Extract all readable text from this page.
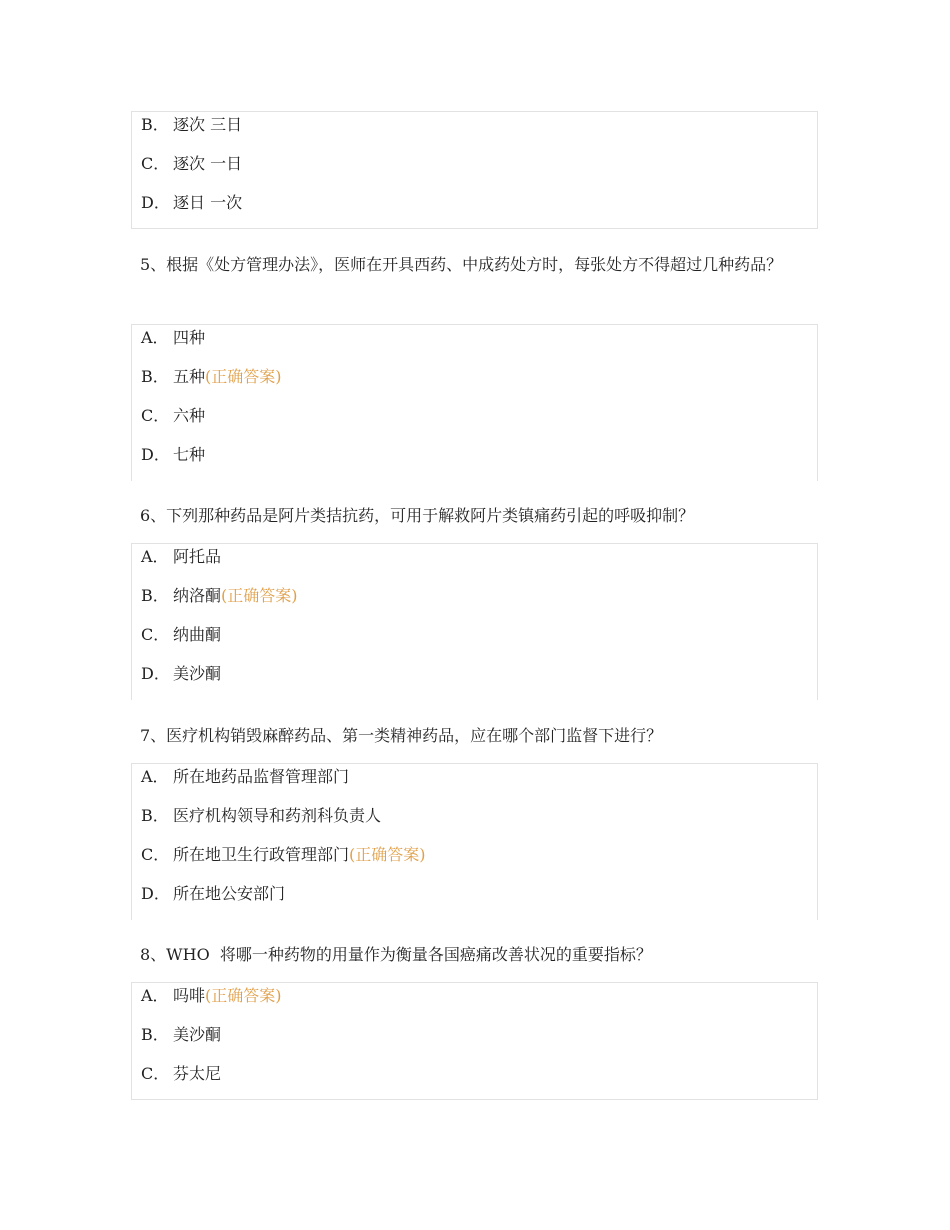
B． 逐次 三日
C． 逐次 一日
D． 逐日 一次
5、根据《处方管理办法》，医师在开具西药、中成药处方时，每张处方不得超过几种药品？
A． 四种
B． 五种(正确答案)
C． 六种
D． 七种
6、下列那种药品是阿片类拮抗药，可用于解救阿片类镇痛药引起的呼吸抑制？
A． 阿托品
B． 纳洛酮(正确答案)
C． 纳曲酮
D． 美沙酮
7、医疗机构销毁麻醉药品、第一类精神药品，应在哪个部门监督下进行？
A． 所在地药品监督管理部门
B． 医疗机构领导和药剂科负责人
C． 所在地卫生行政管理部门(正确答案)
D． 所在地公安部门
8、WHO  将哪一种药物的用量作为衡量各国癌痛改善状况的重要指标？
A． 吗啡(正确答案)
B． 美沙酮
C． 芬太尼
